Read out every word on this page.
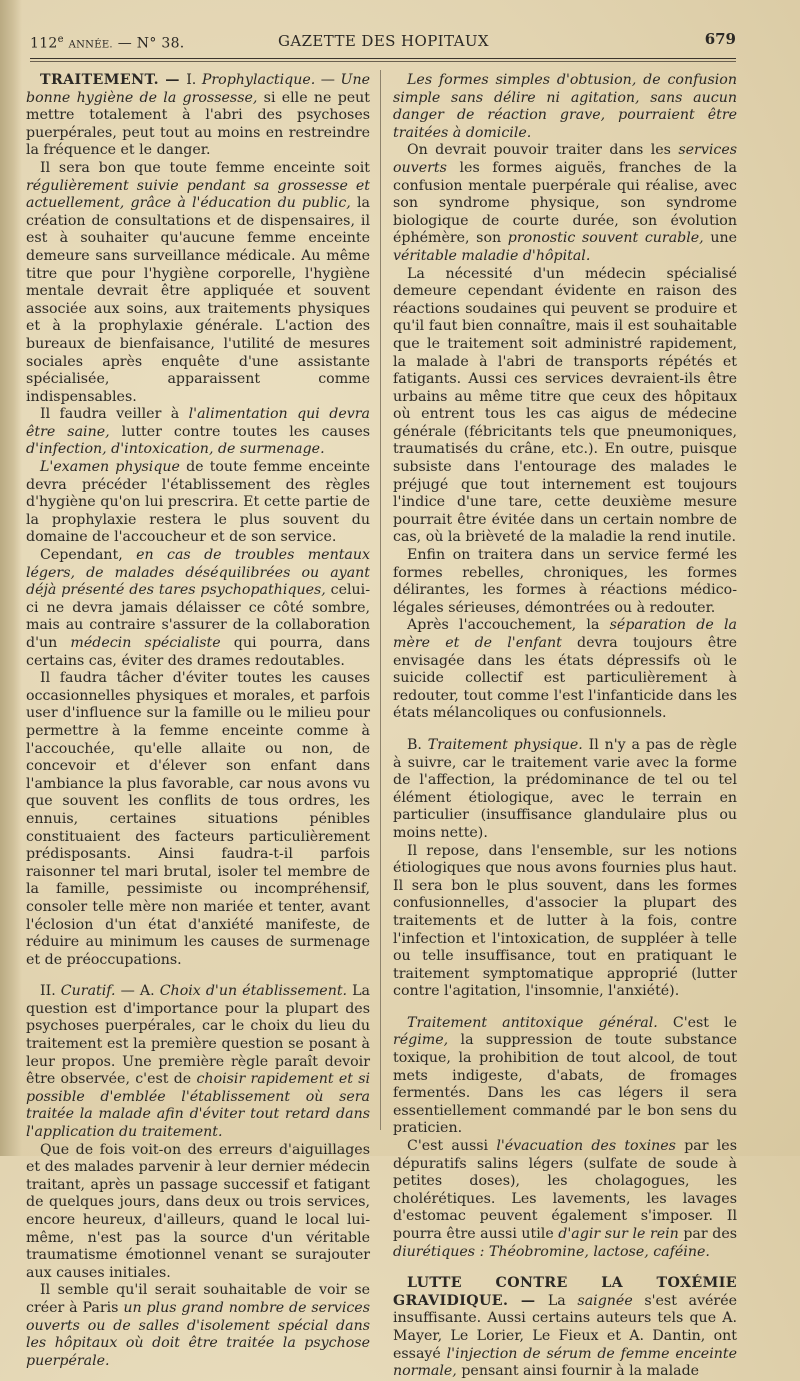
112e ANNÉE. — N° 38.	GAZETTE DES HOPITAUX	679

TRAITEMENT. — I. Prophylactique. — Une bonne hygiène de la grossesse, si elle ne peut mettre totalement à l'abri des psychoses puerpérales, peut tout au moins en restreindre la fréquence et le danger.

Il sera bon que toute femme enceinte soit régulièrement suivie pendant sa grossesse et actuellement, grâce à l'éducation du public, la création de consultations et de dispensaires, il est à souhaiter qu'aucune femme enceinte demeure sans surveillance médicale. Au même titre que pour l'hygiène corporelle, l'hygiène mentale devrait être appliquée et souvent associée aux soins, aux traitements physiques et à la prophylaxie générale. L'action des bureaux de bienfaisance, l'utilité de mesures sociales après enquête d'une assistante spécialisée, apparaissent comme indispensables.

Il faudra veiller à l'alimentation qui devra être saine, lutter contre toutes les causes d'infection, d'intoxication, de surmenage.

L'examen physique de toute femme enceinte devra précéder l'établissement des règles d'hygiène qu'on lui prescrira. Et cette partie de la prophylaxie restera le plus souvent du domaine de l'accoucheur et de son service.

Cependant, en cas de troubles mentaux légers, de malades déséquilibrées ou ayant déjà présenté des tares psychopathiques, celui-ci ne devra jamais délaisser ce côté sombre, mais au contraire s'assurer de la collaboration d'un médecin spécialiste qui pourra, dans certains cas, éviter des drames redoutables.

Il faudra tâcher d'éviter toutes les causes occasionnelles physiques et morales, et parfois user d'influence sur la famille ou le milieu pour permettre à la femme enceinte comme à l'accouchée, qu'elle allaite ou non, de concevoir et d'élever son enfant dans l'ambiance la plus favorable, car nous avons vu que souvent les conflits de tous ordres, les ennuis, certaines situations pénibles constituaient des facteurs particulièrement prédisposants. Ainsi faudra-t-il parfois raisonner tel mari brutal, isoler tel membre de la famille, pessimiste ou incompréhensif, consoler telle mère non mariée et tenter, avant l'éclosion d'un état d'anxiété manifeste, de réduire au minimum les causes de surmenage et de préoccupations.

II. Curatif. — A. Choix d'un établissement. La question est d'importance pour la plupart des psychoses puerpérales, car le choix du lieu du traitement est la première question se posant à leur propos. Une première règle paraît devoir être observée, c'est de choisir rapidement et si possible d'emblée l'établissement où sera traitée la malade afin d'éviter tout retard dans l'application du traitement.

Que de fois voit-on des erreurs d'aiguillages et des malades parvenir à leur dernier médecin traitant, après un passage successif et fatigant de quelques jours, dans deux ou trois services, encore heureux, d'ailleurs, quand le local lui-même, n'est pas la source d'un véritable traumatisme émotionnel venant se surajouter aux causes initiales.

Il semble qu'il serait souhaitable de voir se créer à Paris un plus grand nombre de services ouverts ou de salles d'isolement spécial dans les hôpitaux où doit être traitée la psychose puerpérale.

Les formes simples d'obtusion, de confusion simple sans délire ni agitation, sans aucun danger de réaction grave, pourraient être traitées à domicile.

On devrait pouvoir traiter dans les services ouverts les formes aiguës, franches de la confusion mentale puerpérale qui réalise, avec son syndrome physique, son syndrome biologique de courte durée, son évolution éphémère, son pronostic souvent curable, une véritable maladie d'hôpital.

La nécessité d'un médecin spécialisé demeure cependant évidente en raison des réactions soudaines qui peuvent se produire et qu'il faut bien connaître, mais il est souhaitable que le traitement soit administré rapidement, la malade à l'abri de transports répétés et fatigants. Aussi ces services devraient-ils être urbains au même titre que ceux des hôpitaux où entrent tous les cas aigus de médecine générale (fébricitants tels que pneumoniques, traumatisés du crâne, etc.). En outre, puisque subsiste dans l'entourage des malades le préjugé que tout internement est toujours l'indice d'une tare, cette deuxième mesure pourrait être évitée dans un certain nombre de cas, où la brièveté de la maladie la rend inutile.

Enfin on traitera dans un service fermé les formes rebelles, chroniques, les formes délirantes, les formes à réactions médico-légales sérieuses, démontrées ou à redouter.

Après l'accouchement, la séparation de la mère et de l'enfant devra toujours être envisagée dans les états dépressifs où le suicide collectif est particulièrement à redouter, tout comme l'est l'infanticide dans les états mélancoliques ou confusionnels.

B. Traitement physique. Il n'y a pas de règle à suivre, car le traitement varie avec la forme de l'affection, la prédominance de tel ou tel élément étiologique, avec le terrain en particulier (insuffisance glandulaire plus ou moins nette).

Il repose, dans l'ensemble, sur les notions étiologiques que nous avons fournies plus haut. Il sera bon le plus souvent, dans les formes confusionnelles, d'associer la plupart des traitements et de lutter à la fois, contre l'infection et l'intoxication, de suppléer à telle ou telle insuffisance, tout en pratiquant le traitement symptomatique approprié (lutter contre l'agitation, l'insomnie, l'anxiété).

Traitement antitoxique général. C'est le régime, la suppression de toute substance toxique, la prohibition de tout alcool, de tout mets indigeste, d'abats, de fromages fermentés. Dans les cas légers il sera essentiellement commandé par le bon sens du praticien.

C'est aussi l'évacuation des toxines par les dépuratifs salins légers (sulfate de soude à petites doses), les cholagogues, les cholérétiques. Les lavements, les lavages d'estomac peuvent également s'imposer. Il pourra être aussi utile d'agir sur le rein par des diurétiques : Théobromine, lactose, caféine.

LUTTE CONTRE LA TOXÉMIE GRAVIDIQUE. — La saignée s'est avérée insuffisante. Aussi certains auteurs tels que A. Mayer, Le Lorier, Le Fieux et A. Dantin, ont essayé l'injection de sérum de femme enceinte normale, pensant ainsi fournir à la malade
